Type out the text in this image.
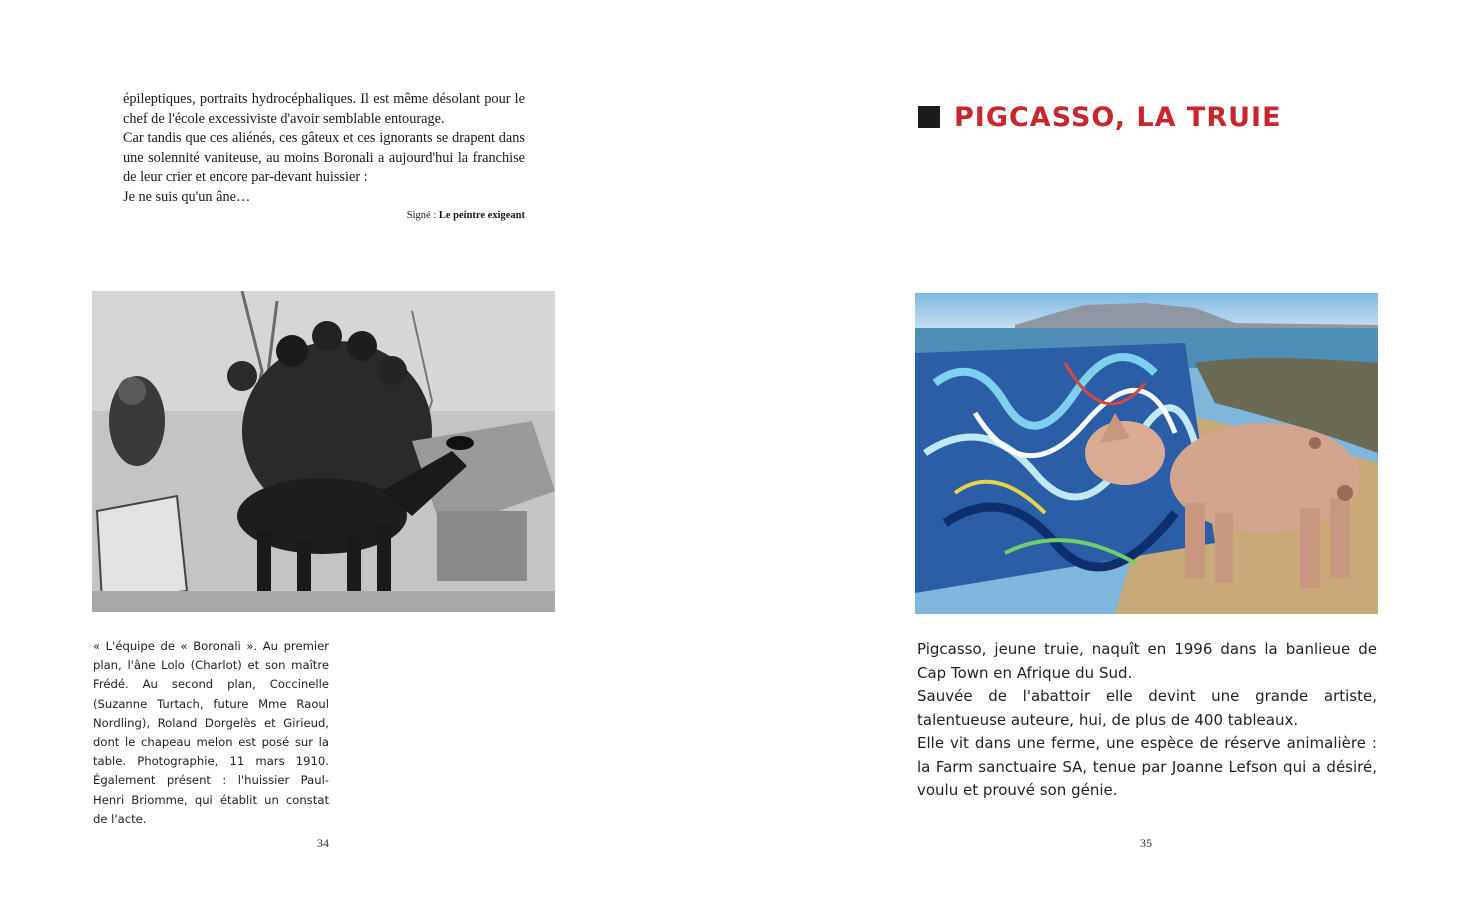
épileptiques, portraits hydrocéphaliques. Il est même désolant pour le chef de l'école excessiviste d'avoir semblable entourage.

Car tandis que ces aliénés, ces gâteux et ces ignorants se drapent dans une solennité vaniteuse, au moins Boronali a aujourd'hui la franchise de leur crier et encore par-devant huissier :

Je ne suis qu'un âne…

Signé : Le peintre exigeant

« L'équipe de « Boronali ». Au premier plan, l'âne Lolo (Charlot) et son maître Frédé. Au second plan, Coccinelle (Suzanne Turtach, future Mme Raoul Nordling), Roland Dorgelès et Girieud, dont le chapeau melon est posé sur la table. Photographie, 11 mars 1910. Également présent : l'huissier Paul-Henri Briomme, qui établit un constat de l'acte.

34
PIGCASSO, LA TRUIE

Pigcasso, jeune truie, naquît en 1996 dans la banlieue de Cap Town en Afrique du Sud.

Sauvée de l'abattoir elle devint une grande artiste, talentueuse auteure, hui, de plus de 400 tableaux.

Elle vit dans une ferme, une espèce de réserve animalière : la Farm sanctuaire SA, tenue par Joanne Lefson qui a désiré, voulu et prouvé son génie.

35
